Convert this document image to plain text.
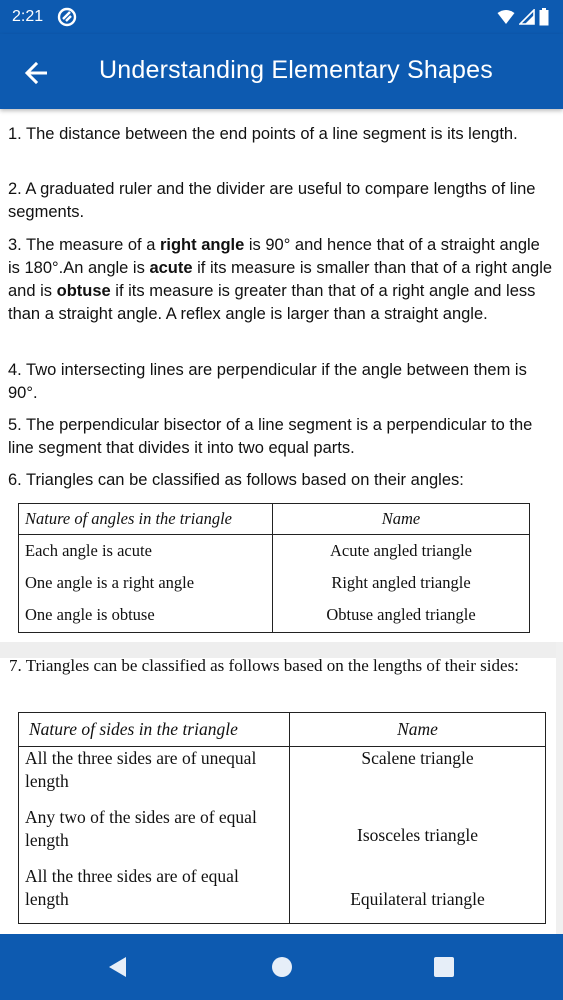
2:21
Understanding Elementary Shapes
1. The distance between the end points of a line segment is its length.
2. A graduated ruler and the divider are useful to compare lengths of line segments.
3. The measure of a right angle is 90° and hence that of a straight angle is 180°.An angle is acute if its measure is smaller than that of a right angle and is obtuse if its measure is greater than that of a right angle and less than a straight angle. A reflex angle is larger than a straight angle.
4. Two intersecting lines are perpendicular if the angle between them is 90°.
5. The perpendicular bisector of a line segment is a perpendicular to the line segment that divides it into two equal parts.
6. Triangles can be classified as follows based on their angles:
Nature of angles in the triangle	Name
Each angle is acute	Acute angled triangle
One angle is a right angle	Right angled triangle
One angle is obtuse	Obtuse angled triangle
7. Triangles can be classified as follows based on the lengths of their sides:
Nature of sides in the triangle	Name
All the three sides are of unequal length	Scalene triangle
Any two of the sides are of equal length	Isosceles triangle
All the three sides are of equal length	Equilateral triangle
